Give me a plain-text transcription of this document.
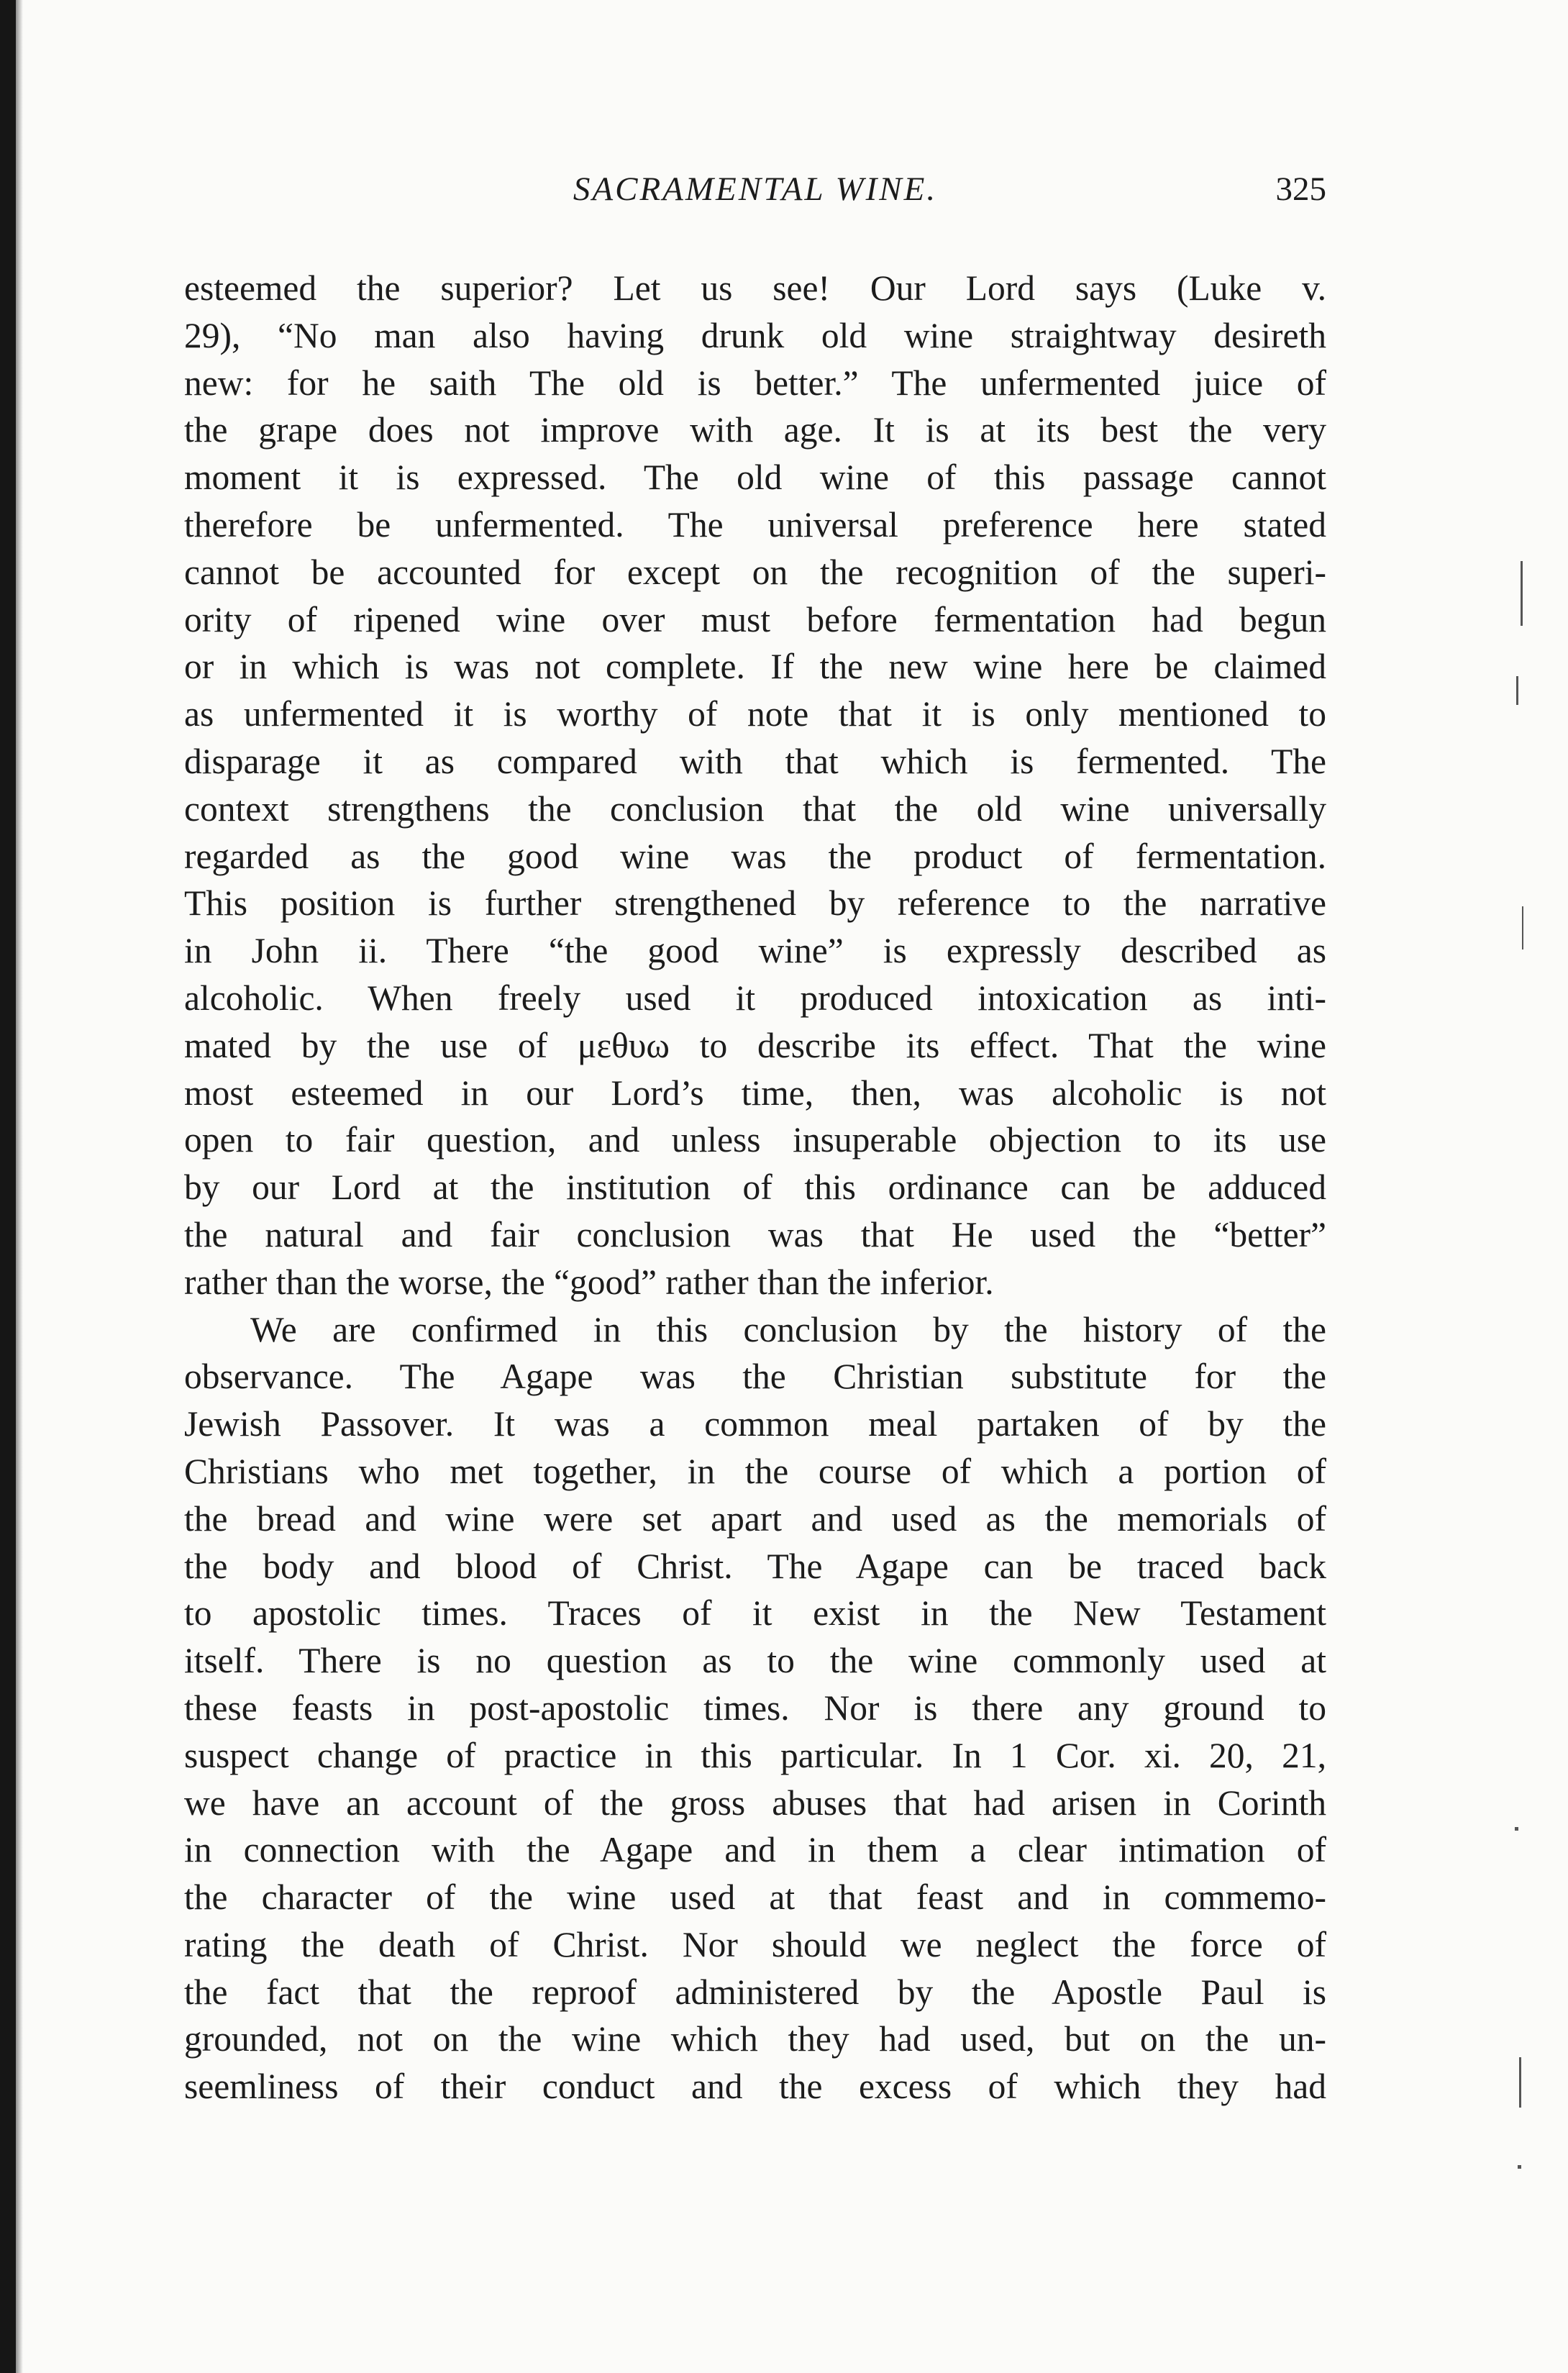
SACRAMENTAL WINE.	325
esteemed the superior? Let us see! Our Lord says (Luke v.
29), “No man also having drunk old wine straightway desireth
new: for he saith The old is better.” The unfermented juice of
the grape does not improve with age. It is at its best the very
moment it is expressed. The old wine of this passage cannot
therefore be unfermented. The universal preference here stated
cannot be accounted for except on the recognition of the superi-
ority of ripened wine over must before fermentation had begun
or in which is was not complete. If the new wine here be claimed
as unfermented it is worthy of note that it is only mentioned to
disparage it as compared with that which is fermented. The
context strengthens the conclusion that the old wine universally
regarded as the good wine was the product of fermentation.
This position is further strengthened by reference to the narrative
in John ii. There “the good wine” is expressly described as
alcoholic. When freely used it produced intoxication as inti-
mated by the use of μεθυω to describe its effect. That the wine
most esteemed in our Lord’s time, then, was alcoholic is not
open to fair question, and unless insuperable objection to its use
by our Lord at the institution of this ordinance can be adduced
the natural and fair conclusion was that He used the “better”
rather than the worse, the “good” rather than the inferior.
We are confirmed in this conclusion by the history of the
observance. The Agape was the Christian substitute for the
Jewish Passover. It was a common meal partaken of by the
Christians who met together, in the course of which a portion of
the bread and wine were set apart and used as the memorials of
the body and blood of Christ. The Agape can be traced back
to apostolic times. Traces of it exist in the New Testament
itself. There is no question as to the wine commonly used at
these feasts in post-apostolic times. Nor is there any ground to
suspect change of practice in this particular. In 1 Cor. xi. 20, 21,
we have an account of the gross abuses that had arisen in Corinth
in connection with the Agape and in them a clear intimation of
the character of the wine used at that feast and in commemo-
rating the death of Christ. Nor should we neglect the force of
the fact that the reproof administered by the Apostle Paul is
grounded, not on the wine which they had used, but on the un-
seemliness of their conduct and the excess of which they had
